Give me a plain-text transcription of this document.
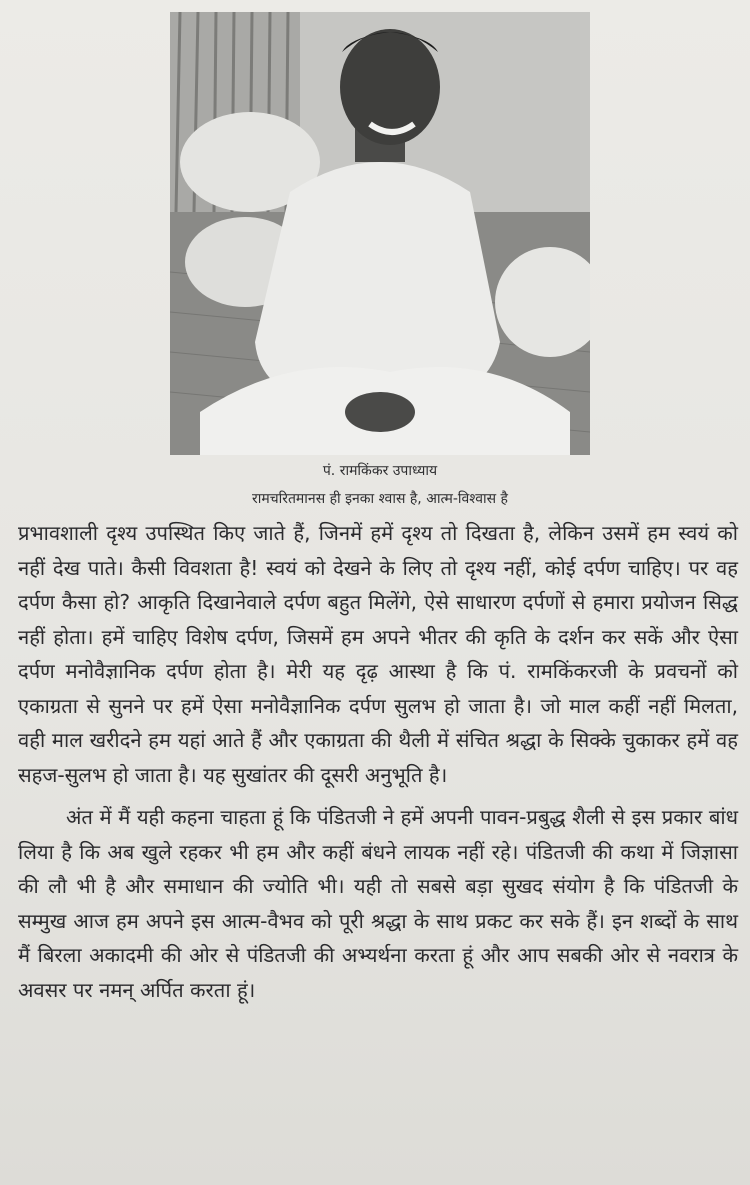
पं. रामकिंकर उपाध्याय

रामचरितमानस ही इनका श्वास है, आत्म-विश्वास है

प्रभावशाली दृश्य उपस्थित किए जाते हैं, जिनमें हमें दृश्य तो दिखता है, लेकिन उसमें हम स्वयं को नहीं देख पाते। कैसी विवशता है! स्वयं को देखने के लिए तो दृश्य नहीं, कोई दर्पण चाहिए। पर वह दर्पण कैसा हो? आकृति दिखानेवाले दर्पण बहुत मिलेंगे, ऐसे साधारण दर्पणों से हमारा प्रयोजन सिद्ध नहीं होता। हमें चाहिए विशेष दर्पण, जिसमें हम अपने भीतर की कृति के दर्शन कर सकें और ऐसा दर्पण मनोवैज्ञानिक दर्पण होता है। मेरी यह दृढ़ आस्था है कि पं. रामकिंकरजी के प्रवचनों को एकाग्रता से सुनने पर हमें ऐसा मनोवैज्ञानिक दर्पण सुलभ हो जाता है। जो माल कहीं नहीं मिलता, वही माल खरीदने हम यहां आते हैं और एकाग्रता की थैली में संचित श्रद्धा के सिक्के चुकाकर हमें वह सहज-सुलभ हो जाता है। यह सुखांतर की दूसरी अनुभूति है।

अंत में मैं यही कहना चाहता हूं कि पंडितजी ने हमें अपनी पावन-प्रबुद्ध शैली से इस प्रकार बांध लिया है कि अब खुले रहकर भी हम और कहीं बंधने लायक नहीं रहे। पंडितजी की कथा में जिज्ञासा की लौ भी है और समाधान की ज्योति भी। यही तो सबसे बड़ा सुखद संयोग है कि पंडितजी के सम्मुख आज हम अपने इस आत्म-वैभव को पूरी श्रद्धा के साथ प्रकट कर सके हैं। इन शब्दों के साथ मैं बिरला अकादमी की ओर से पंडितजी की अभ्यर्थना करता हूं और आप सबकी ओर से नवरात्र के अवसर पर नमन् अर्पित करता हूं।
